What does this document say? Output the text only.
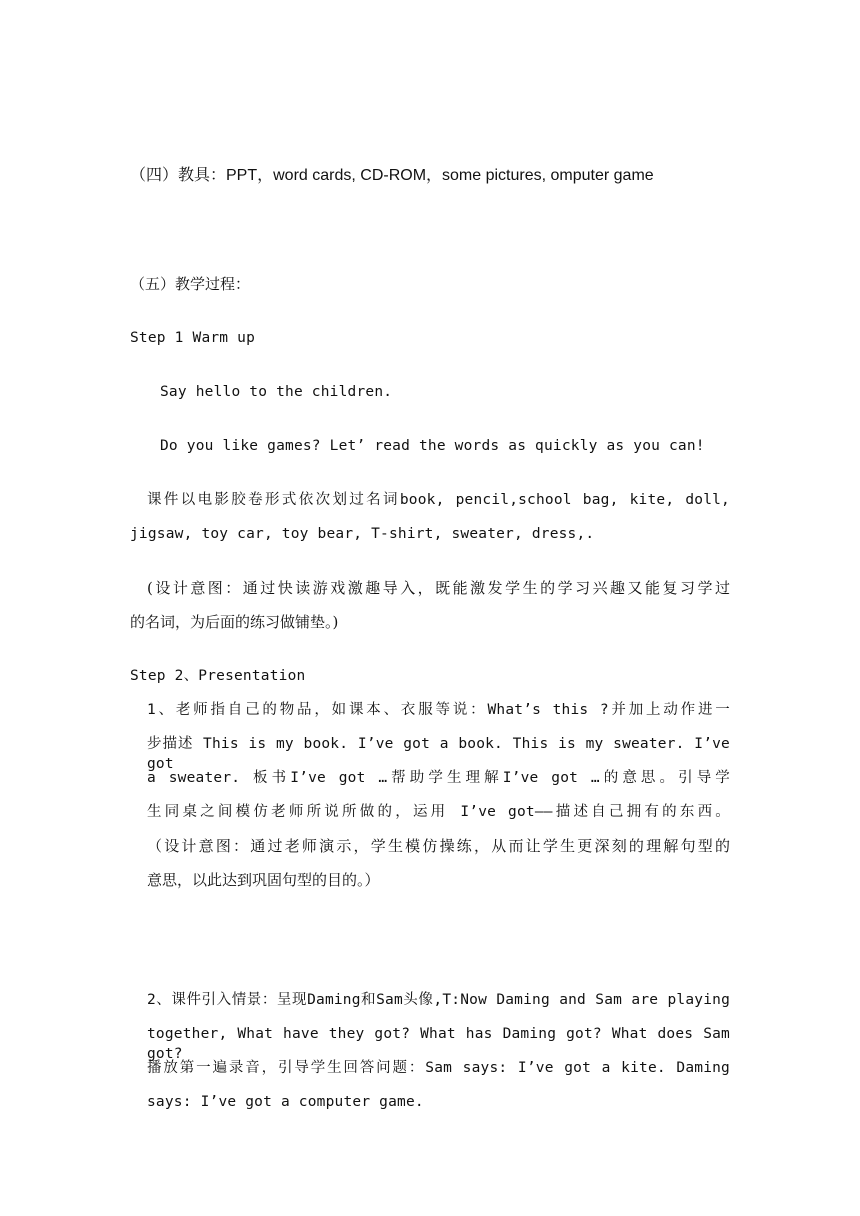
（四）教具：PPT，word cards, CD-ROM，some pictures, omputer game
（五）教学过程：
Step 1 Warm up
Say hello to the children.
Do you like games? Let’ read the words as quickly as you can!
课件以电影胶卷形式依次划过名词book, pencil,school bag, kite, doll,
jigsaw, toy car, toy bear, T-shirt, sweater, dress,.
(设计意图：通过快读游戏激趣导入，既能激发学生的学习兴趣又能复习学过
的名词，为后面的练习做铺垫。)
Step 2、Presentation
1、老师指自己的物品，如课本、衣服等说：What’s this ?并加上动作进一
步描述 This is my book. I’ve got a book. This is my sweater. I’ve got
a sweater. 板书I’ve got …帮助学生理解I’ve got …的意思。引导学
生同桌之间模仿老师所说所做的，运用 I’ve got——描述自己拥有的东西。
（设计意图：通过老师演示，学生模仿操练，从而让学生更深刻的理解句型的
意思，以此达到巩固句型的目的。）
2、课件引入情景：呈现Daming和Sam头像,T:Now Daming and Sam are playing
together, What have they got? What has Daming got? What does Sam got?
播放第一遍录音，引导学生回答问题：Sam says: I’ve got a kite. Daming
says: I’ve got a computer game.
